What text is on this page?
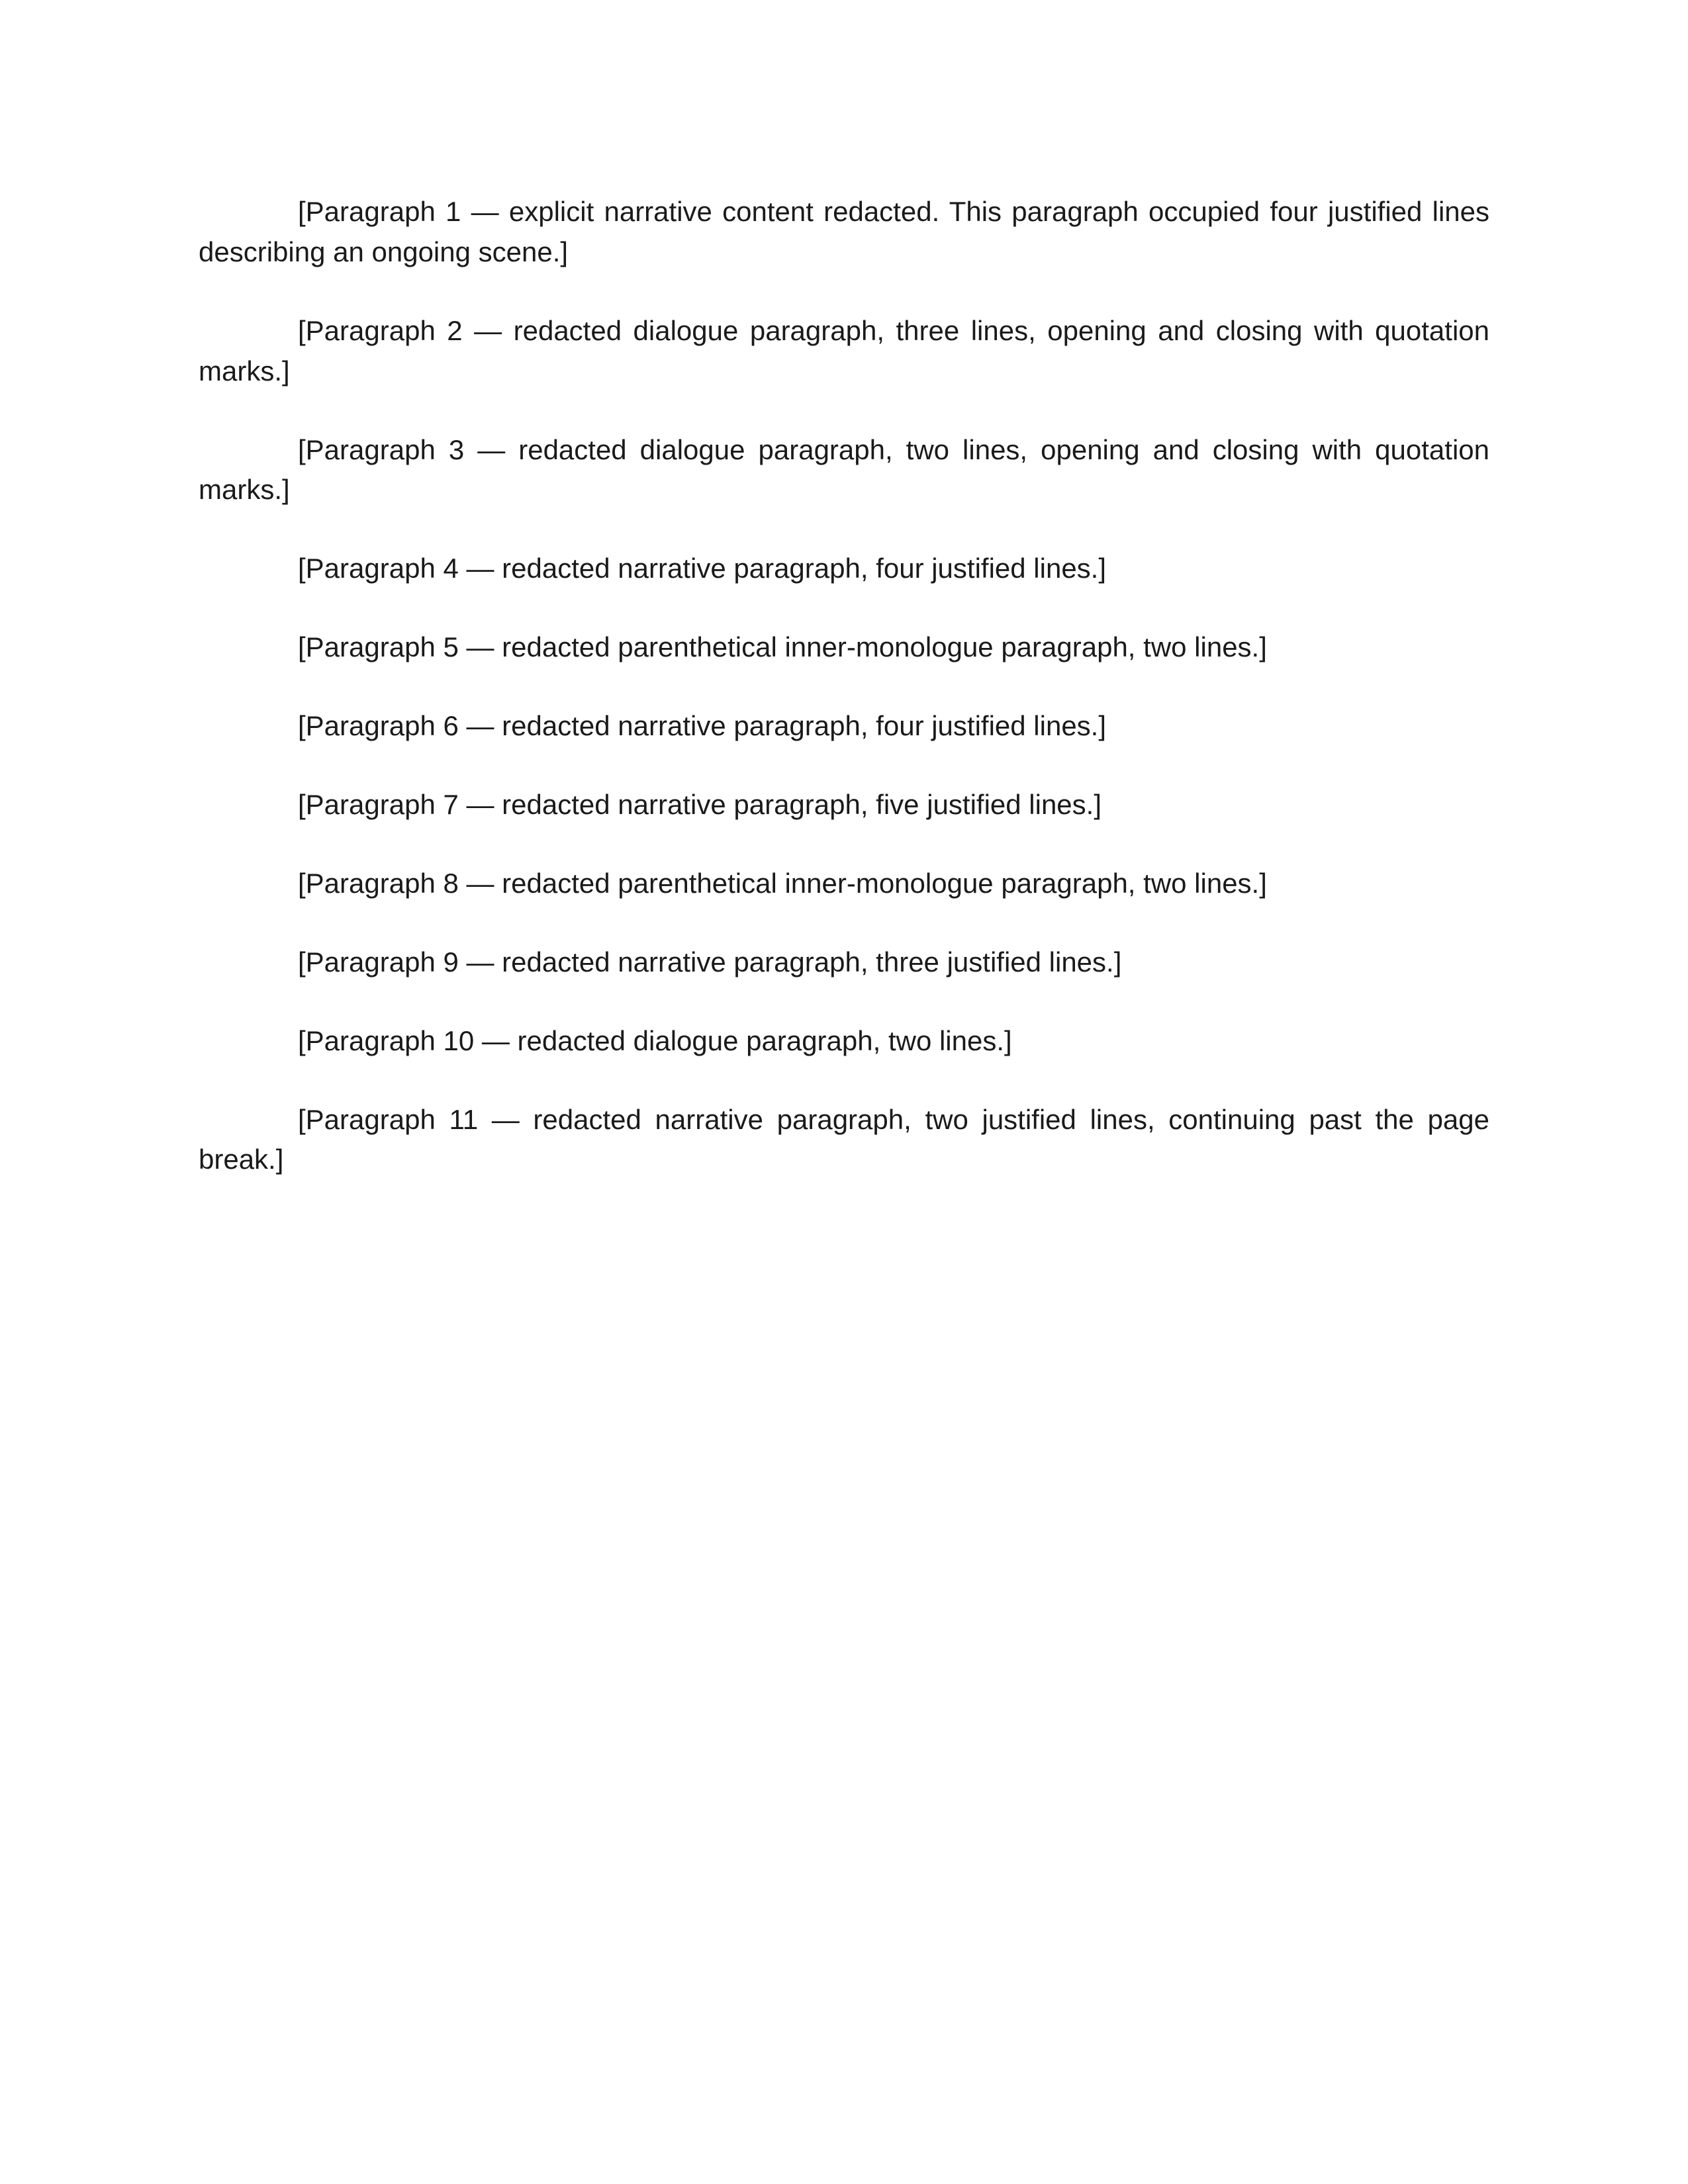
[Paragraph 1 — explicit narrative content redacted. This paragraph occupied four justified lines describing an ongoing scene.]

[Paragraph 2 — redacted dialogue paragraph, three lines, opening and closing with quotation marks.]

[Paragraph 3 — redacted dialogue paragraph, two lines, opening and closing with quotation marks.]

[Paragraph 4 — redacted narrative paragraph, four justified lines.]

[Paragraph 5 — redacted parenthetical inner-monologue paragraph, two lines.]

[Paragraph 6 — redacted narrative paragraph, four justified lines.]

[Paragraph 7 — redacted narrative paragraph, five justified lines.]

[Paragraph 8 — redacted parenthetical inner-monologue paragraph, two lines.]

[Paragraph 9 — redacted narrative paragraph, three justified lines.]

[Paragraph 10 — redacted dialogue paragraph, two lines.]

[Paragraph 11 — redacted narrative paragraph, two justified lines, continuing past the page break.]
